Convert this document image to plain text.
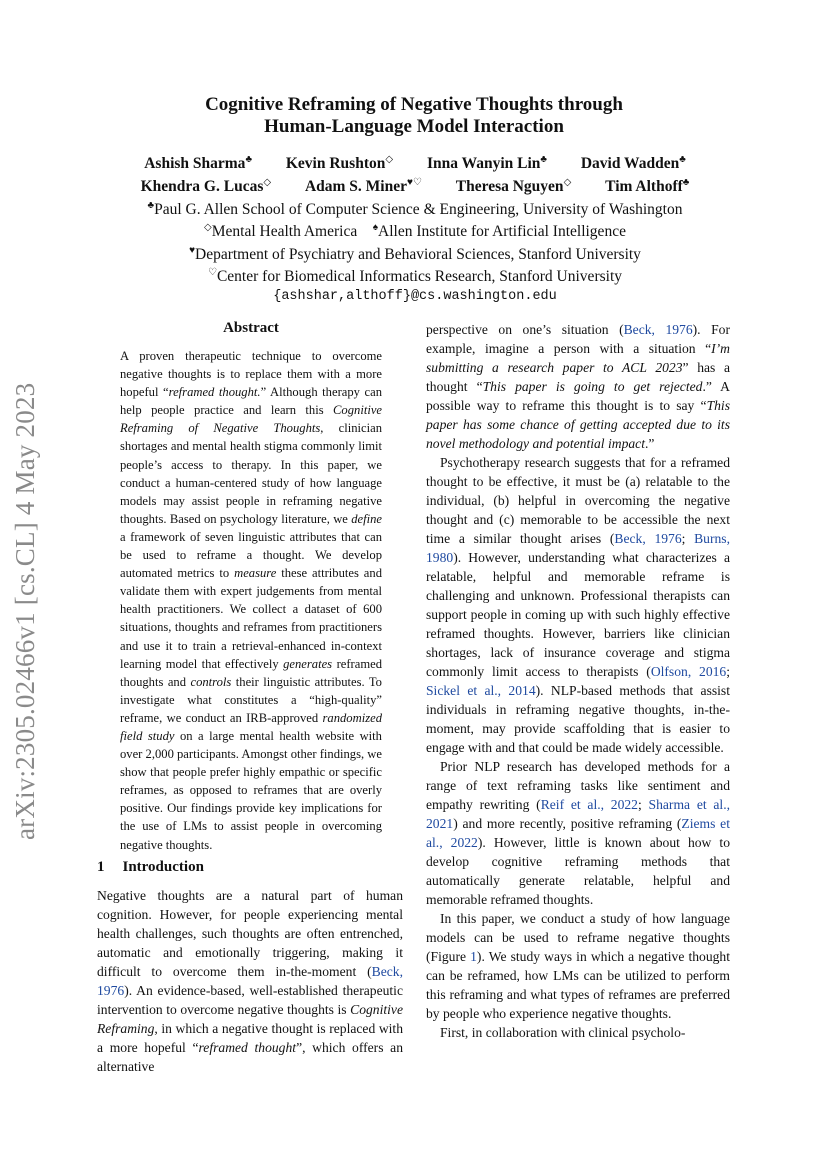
arXiv:2305.02466v1 [cs.CL] 4 May 2023
Cognitive Reframing of Negative Thoughts through
Human-Language Model Interaction
Ashish Sharma♣ Kevin Rushton◇ Inna Wanyin Lin♣ David Wadden♣
Khendra G. Lucas◇ Adam S. Miner♥♡ Theresa Nguyen◇ Tim Althoff♣
♣Paul G. Allen School of Computer Science & Engineering, University of Washington
◇Mental Health America ♠Allen Institute for Artificial Intelligence
♥Department of Psychiatry and Behavioral Sciences, Stanford University
♡Center for Biomedical Informatics Research, Stanford University
{ashshar,althoff}@cs.washington.edu
Abstract
A proven therapeutic technique to overcome negative thoughts is to replace them with a more hopeful “reframed thought.” Although therapy can help people practice and learn this Cognitive Reframing of Negative Thoughts, clinician shortages and mental health stigma commonly limit people’s access to therapy. In this paper, we conduct a human-centered study of how language models may assist people in reframing negative thoughts. Based on psychology literature, we define a framework of seven linguistic attributes that can be used to reframe a thought. We develop automated metrics to measure these attributes and validate them with expert judgements from mental health practitioners. We collect a dataset of 600 situations, thoughts and reframes from practitioners and use it to train a retrieval-enhanced in-context learning model that effectively generates reframed thoughts and controls their linguistic attributes. To investigate what constitutes a “high-quality” reframe, we conduct an IRB-approved randomized field study on a large mental health website with over 2,000 participants. Amongst other findings, we show that people prefer highly empathic or specific reframes, as opposed to reframes that are overly positive. Our findings provide key implications for the use of LMs to assist people in overcoming negative thoughts.
1 Introduction
Negative thoughts are a natural part of human cognition. However, for people experiencing mental health challenges, such thoughts are often entrenched, automatic and emotionally triggering, making it difficult to overcome them in-the-moment (Beck, 1976). An evidence-based, well-established therapeutic intervention to overcome negative thoughts is Cognitive Reframing, in which a negative thought is replaced with a more hopeful “reframed thought”, which offers an alternative

perspective on one’s situation (Beck, 1976). For example, imagine a person with a situation “I’m submitting a research paper to ACL 2023” has a thought “This paper is going to get rejected.” A possible way to reframe this thought is to say “This paper has some chance of getting accepted due to its novel methodology and potential impact.”

Psychotherapy research suggests that for a reframed thought to be effective, it must be (a) relatable to the individual, (b) helpful in overcoming the negative thought and (c) memorable to be accessible the next time a similar thought arises (Beck, 1976; Burns, 1980). However, understanding what characterizes a relatable, helpful and memorable reframe is challenging and unknown. Professional therapists can support people in coming up with such highly effective reframed thoughts. However, barriers like clinician shortages, lack of insurance coverage and stigma commonly limit access to therapists (Olfson, 2016; Sickel et al., 2014). NLP-based methods that assist individuals in reframing negative thoughts, in-the-moment, may provide scaffolding that is easier to engage with and that could be made widely accessible.

Prior NLP research has developed methods for a range of text reframing tasks like sentiment and empathy rewriting (Reif et al., 2022; Sharma et al., 2021) and more recently, positive reframing (Ziems et al., 2022). However, little is known about how to develop cognitive reframing methods that automatically generate relatable, helpful and memorable reframed thoughts.

In this paper, we conduct a study of how language models can be used to reframe negative thoughts (Figure 1). We study ways in which a negative thought can be reframed, how LMs can be utilized to perform this reframing and what types of reframes are preferred by people who experience negative thoughts.

First, in collaboration with clinical psycholo-
